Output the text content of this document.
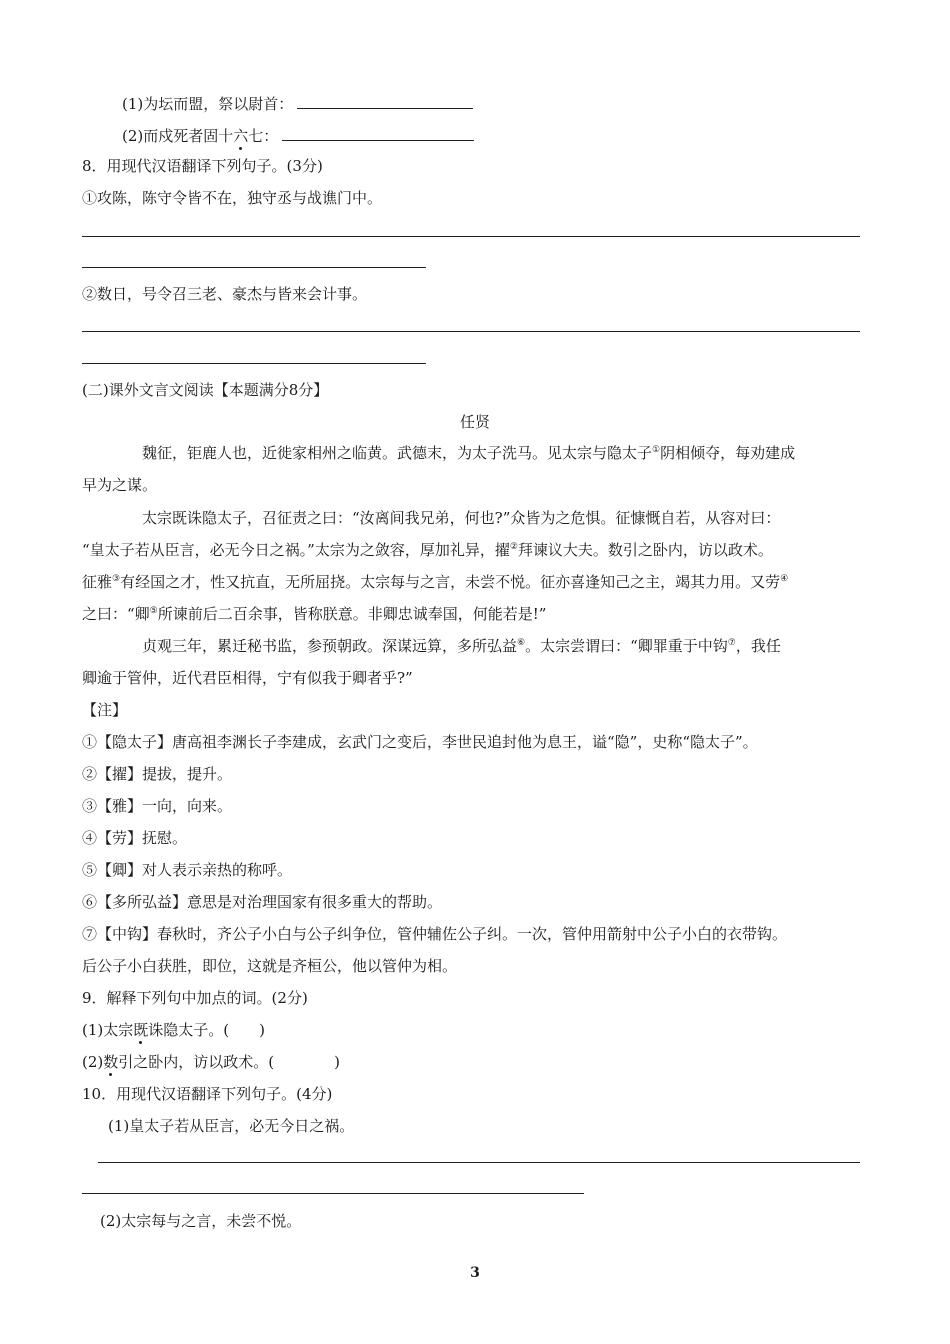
(1)为坛而盟，祭以尉首：
(2)而戍死者固十六七：
8．用现代汉语翻译下列句子。(3分)
①攻陈，陈守令皆不在，独守丞与战谯门中。
②数日，号令召三老、豪杰与皆来会计事。
(二)课外文言文阅读【本题满分8分】
任贤
魏征，钜鹿人也，近徙家相州之临黄。武德末，为太子洗马。见太宗与隐太子①阴相倾夺，每劝建成
早为之谋。
太宗既诛隐太子，召征责之曰：“汝离间我兄弟，何也?”众皆为之危惧。征慷慨自若，从容对曰：
“皇太子若从臣言，必无今日之祸。”太宗为之敛容，厚加礼异，擢②拜谏议大夫。数引之卧内，访以政术。
征雅③有经国之才，性又抗直，无所屈挠。太宗每与之言，未尝不悦。征亦喜逢知己之主，竭其力用。又劳④
之曰：“卿⑤所谏前后二百余事，皆称朕意。非卿忠诚奉国，何能若是!”
贞观三年，累迁秘书监，参预朝政。深谋远算，多所弘益⑥。太宗尝谓曰：“卿罪重于中钩⑦，我任
卿逾于管仲，近代君臣相得，宁有似我于卿者乎?”
【注】
①【隐太子】唐高祖李渊长子李建成，玄武门之变后，李世民追封他为息王，谥“隐”，史称“隐太子”。
②【擢】提拔，提升。
③【雅】一向，向来。
④【劳】抚慰。
⑤【卿】对人表示亲热的称呼。
⑥【多所弘益】意思是对治理国家有很多重大的帮助。
⑦【中钩】春秋时，齐公子小白与公子纠争位，管仲辅佐公子纠。一次，管仲用箭射中公子小白的衣带钩。
后公子小白获胜，即位，这就是齐桓公，他以管仲为相。
9．解释下列句中加点的词。(2分)
(1)太宗既诛隐太子。(　　)
(2)数引之卧内，访以政术。(　　　　)
10．用现代汉语翻译下列句子。(4分)
(1)皇太子若从臣言，必无今日之祸。
(2)太宗每与之言，未尝不悦。
3
